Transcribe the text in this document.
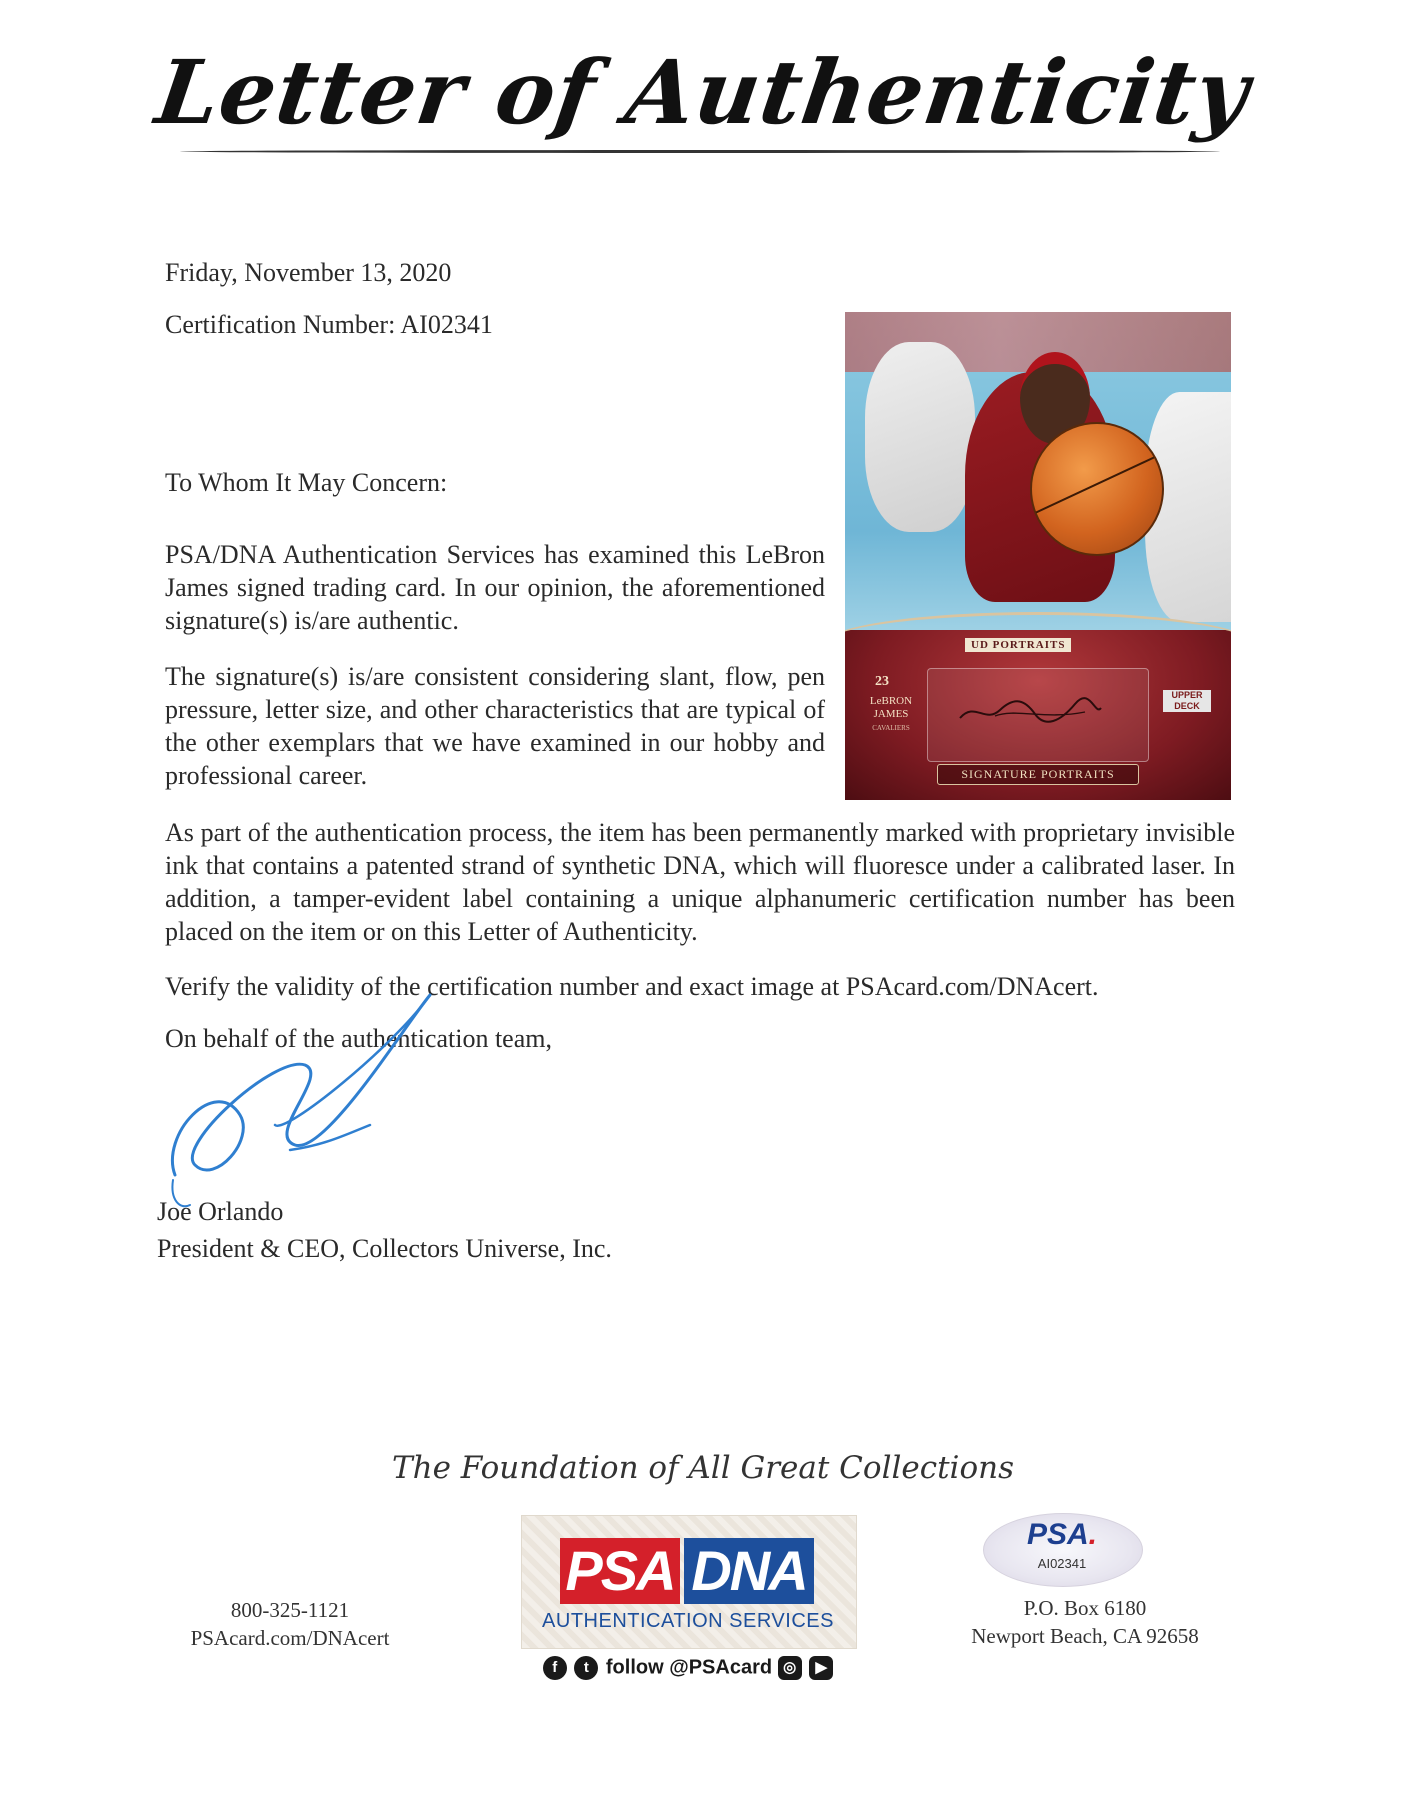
Letter of Authenticity
Friday, November 13, 2020
Certification Number: AI02341
To Whom It May Concern:
PSA/DNA Authentication Services has examined this LeBron James signed trading card. In our opinion, the aforementioned signature(s) is/are authentic.
The signature(s) is/are consistent considering slant, flow, pen pressure, letter size, and other characteristics that are typical of the other exemplars that we have examined in our hobby and professional career.
As part of the authentication process, the item has been permanently marked with proprietary invisible ink that contains a patented strand of synthetic DNA, which will fluoresce under a calibrated laser. In addition, a tamper-evident label containing a unique alphanumeric certification number has been placed on the item or on this Letter of Authenticity.
Verify the validity of the certification number and exact image at PSAcard.com/DNAcert.
On behalf of the authentication team,
UD PORTRAITS
23
LeBRON
JAMES
CAVALIERS
UPPER DECK
SIGNATURE PORTRAITS
Joe Orlando
President & CEO, Collectors Universe, Inc.
The Foundation of All Great Collections
800-325-1121
PSAcard.com/DNAcert
PSA DNA
AUTHENTICATION SERVICES
f t follow @PSAcard ◎ ▶
PSA.
AI02341
P.O. Box 6180
Newport Beach, CA 92658
